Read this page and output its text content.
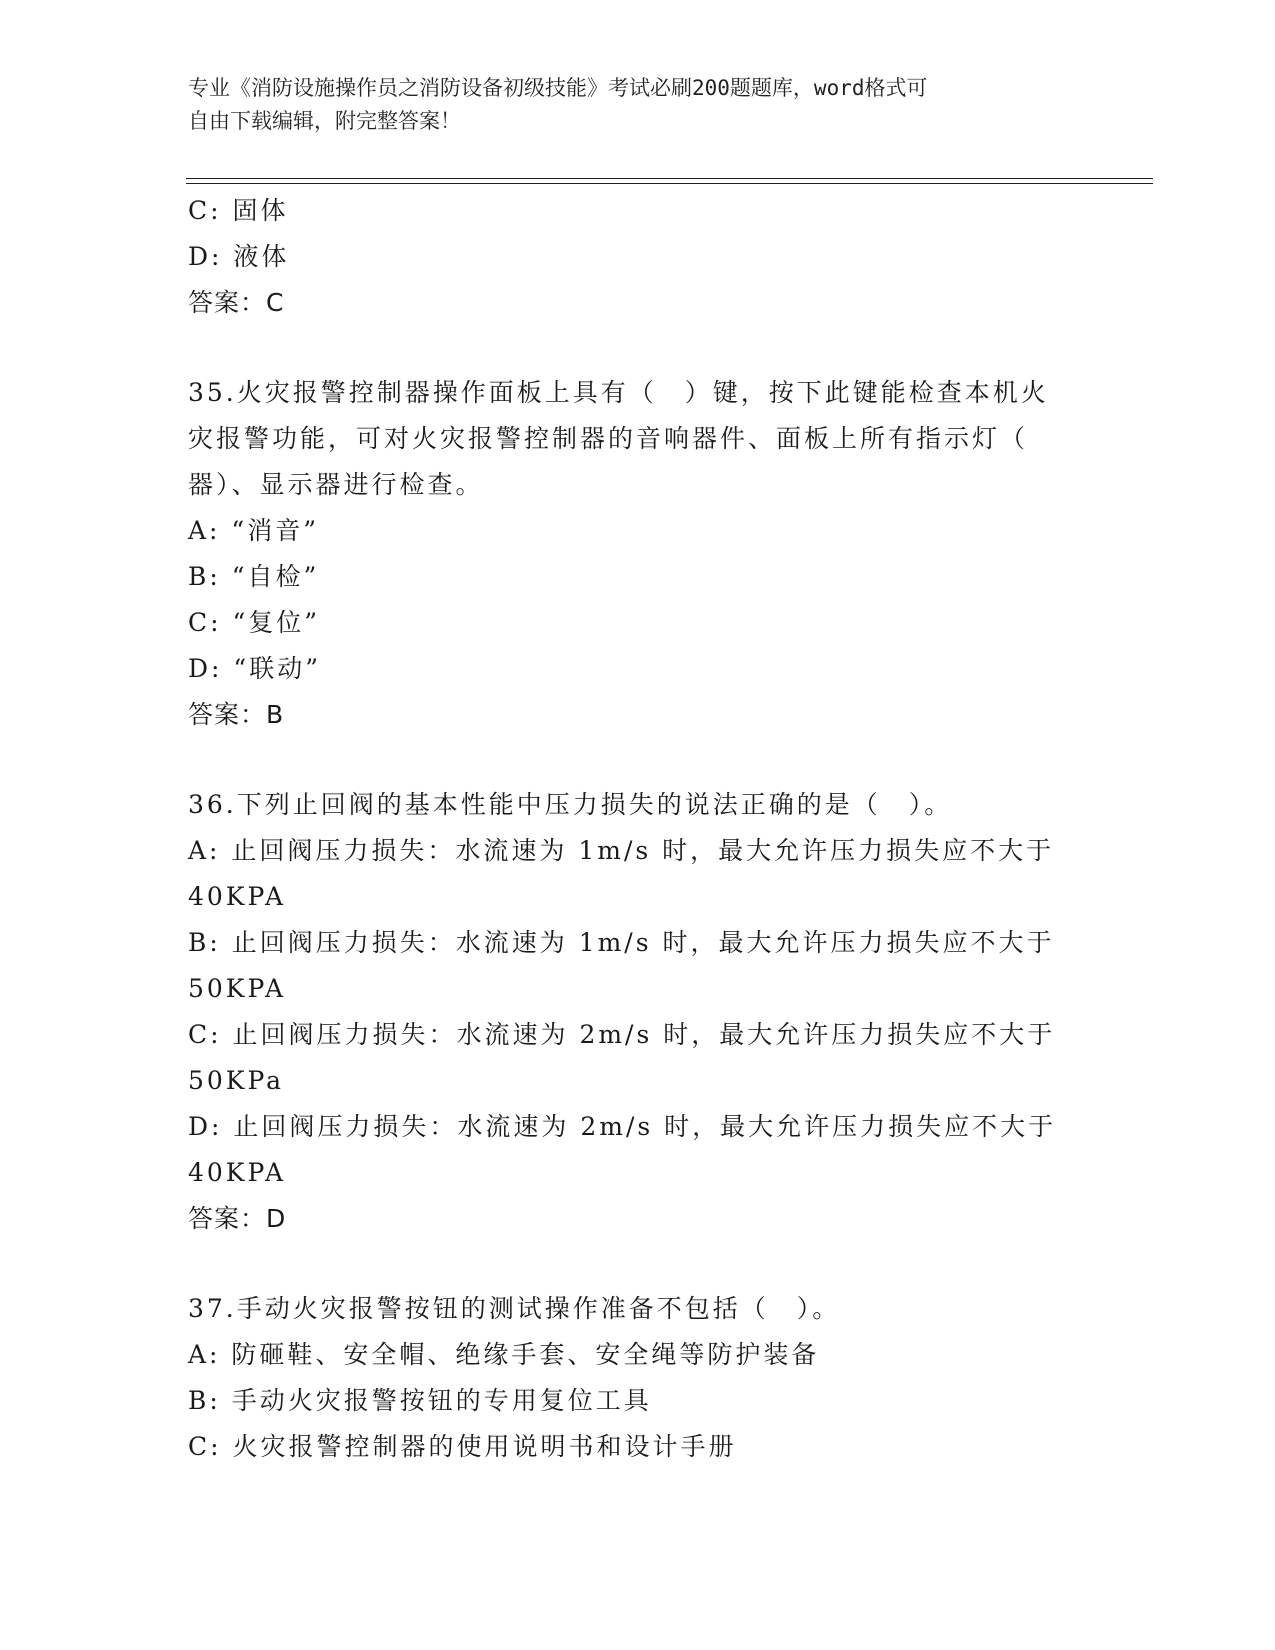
专业《消防设施操作员之消防设备初级技能》考试必刷200题题库，word格式可
自由下载编辑，附完整答案！
C: 固体
D: 液体
答案：C
35.火灾报警控制器操作面板上具有（　）键，按下此键能检查本机火
灾报警功能，可对火灾报警控制器的音响器件、面板上所有指示灯（
器）、显示器进行检查。
A: “消音”
B: “自检”
C: “复位”
D: “联动”
答案：B
36.下列止回阀的基本性能中压力损失的说法正确的是（　）。
A: 止回阀压力损失：水流速为 1m/s 时，最大允许压力损失应不大于
40KPA
B: 止回阀压力损失：水流速为 1m/s 时，最大允许压力损失应不大于
50KPA
C: 止回阀压力损失：水流速为 2m/s 时，最大允许压力损失应不大于
50KPa
D: 止回阀压力损失：水流速为 2m/s 时，最大允许压力损失应不大于
40KPA
答案：D
37.手动火灾报警按钮的测试操作准备不包括（　）。
A: 防砸鞋、安全帽、绝缘手套、安全绳等防护装备
B: 手动火灾报警按钮的专用复位工具
C: 火灾报警控制器的使用说明书和设计手册
